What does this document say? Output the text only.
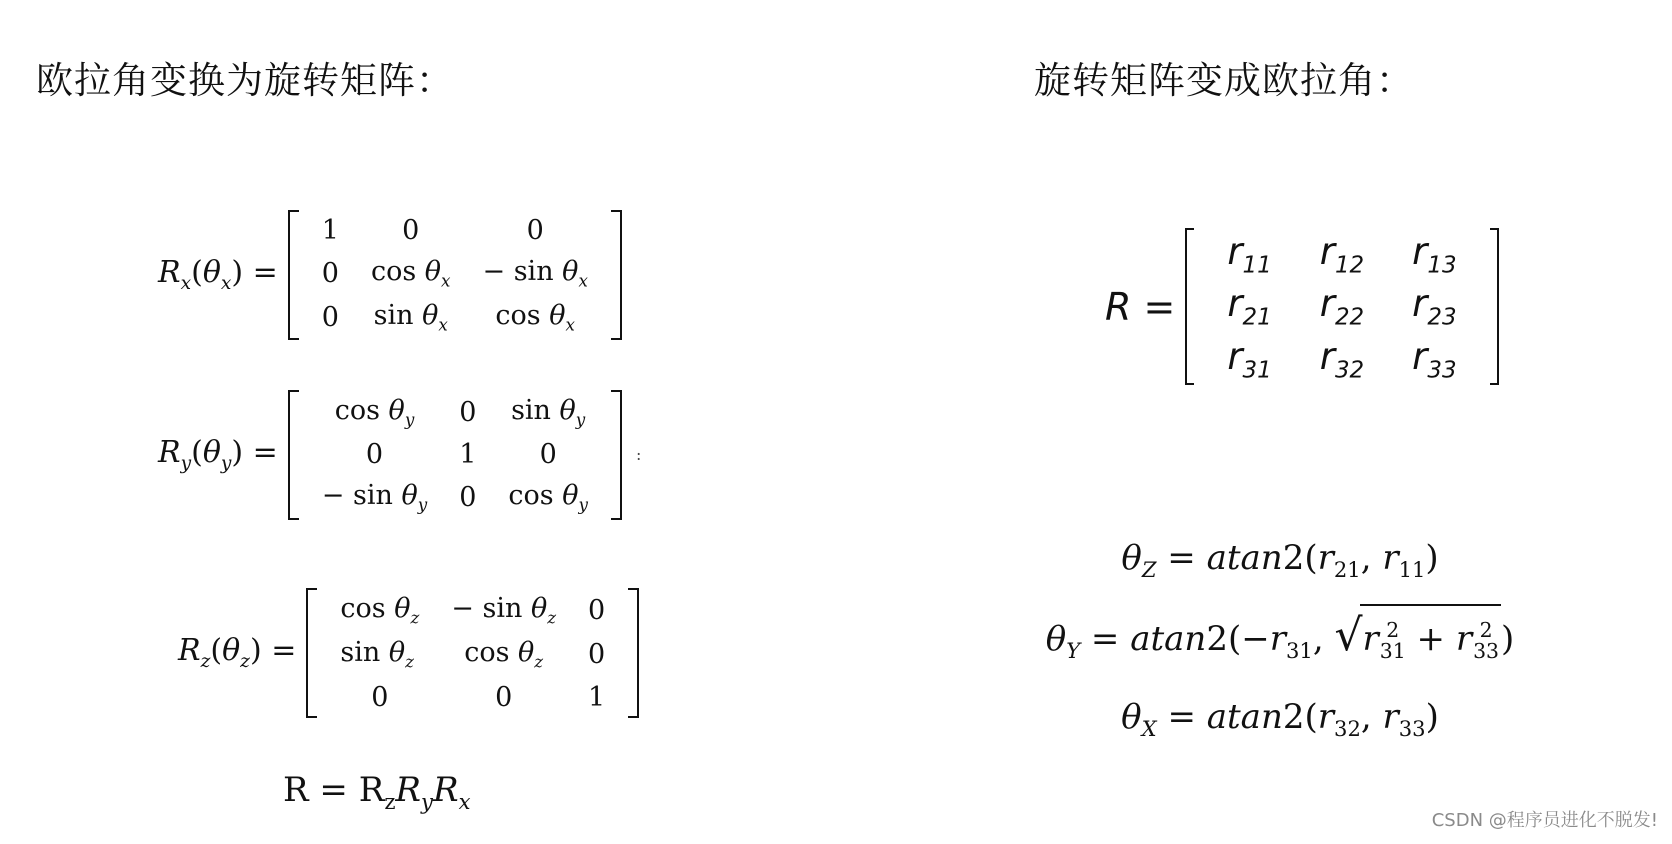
欧拉角变换为旋转矩阵：	旋转矩阵变成欧拉角：
$R_x(\theta_x)$ =
1	0	0
0	$\cos \theta_x$	− $\sin \theta_x$
0	$\sin \theta_x$	$\cos \theta_x$
$R_y(\theta_y)$ =
$\cos \theta_y$	0	$\sin \theta_y$
0	1	0
− $\sin \theta_y$	0	$\cos \theta_y$
:
$R_z(\theta_z)$ =
$\cos \theta_z$	− $\sin \theta_z$	0
$\sin \theta_z$	$\cos \theta_z$	0
0	0	1
$R = R_zR_yR_x$
R =
$r_{11}$	$r_{12}$	$r_{13}$
$r_{21}$	$r_{22}$	$r_{23}$
$r_{31}$	$r_{32}$	$r_{33}$
$\theta_Z = atan2(r_{21}$, $r_{11}$)
$\theta_Y = atan2(-r_{31}$, √r 2
31 + r 2
33 )
$\theta_X = atan2(r_{32}$, $r_{33}$)
CSDN @程序员进化不脱发!
